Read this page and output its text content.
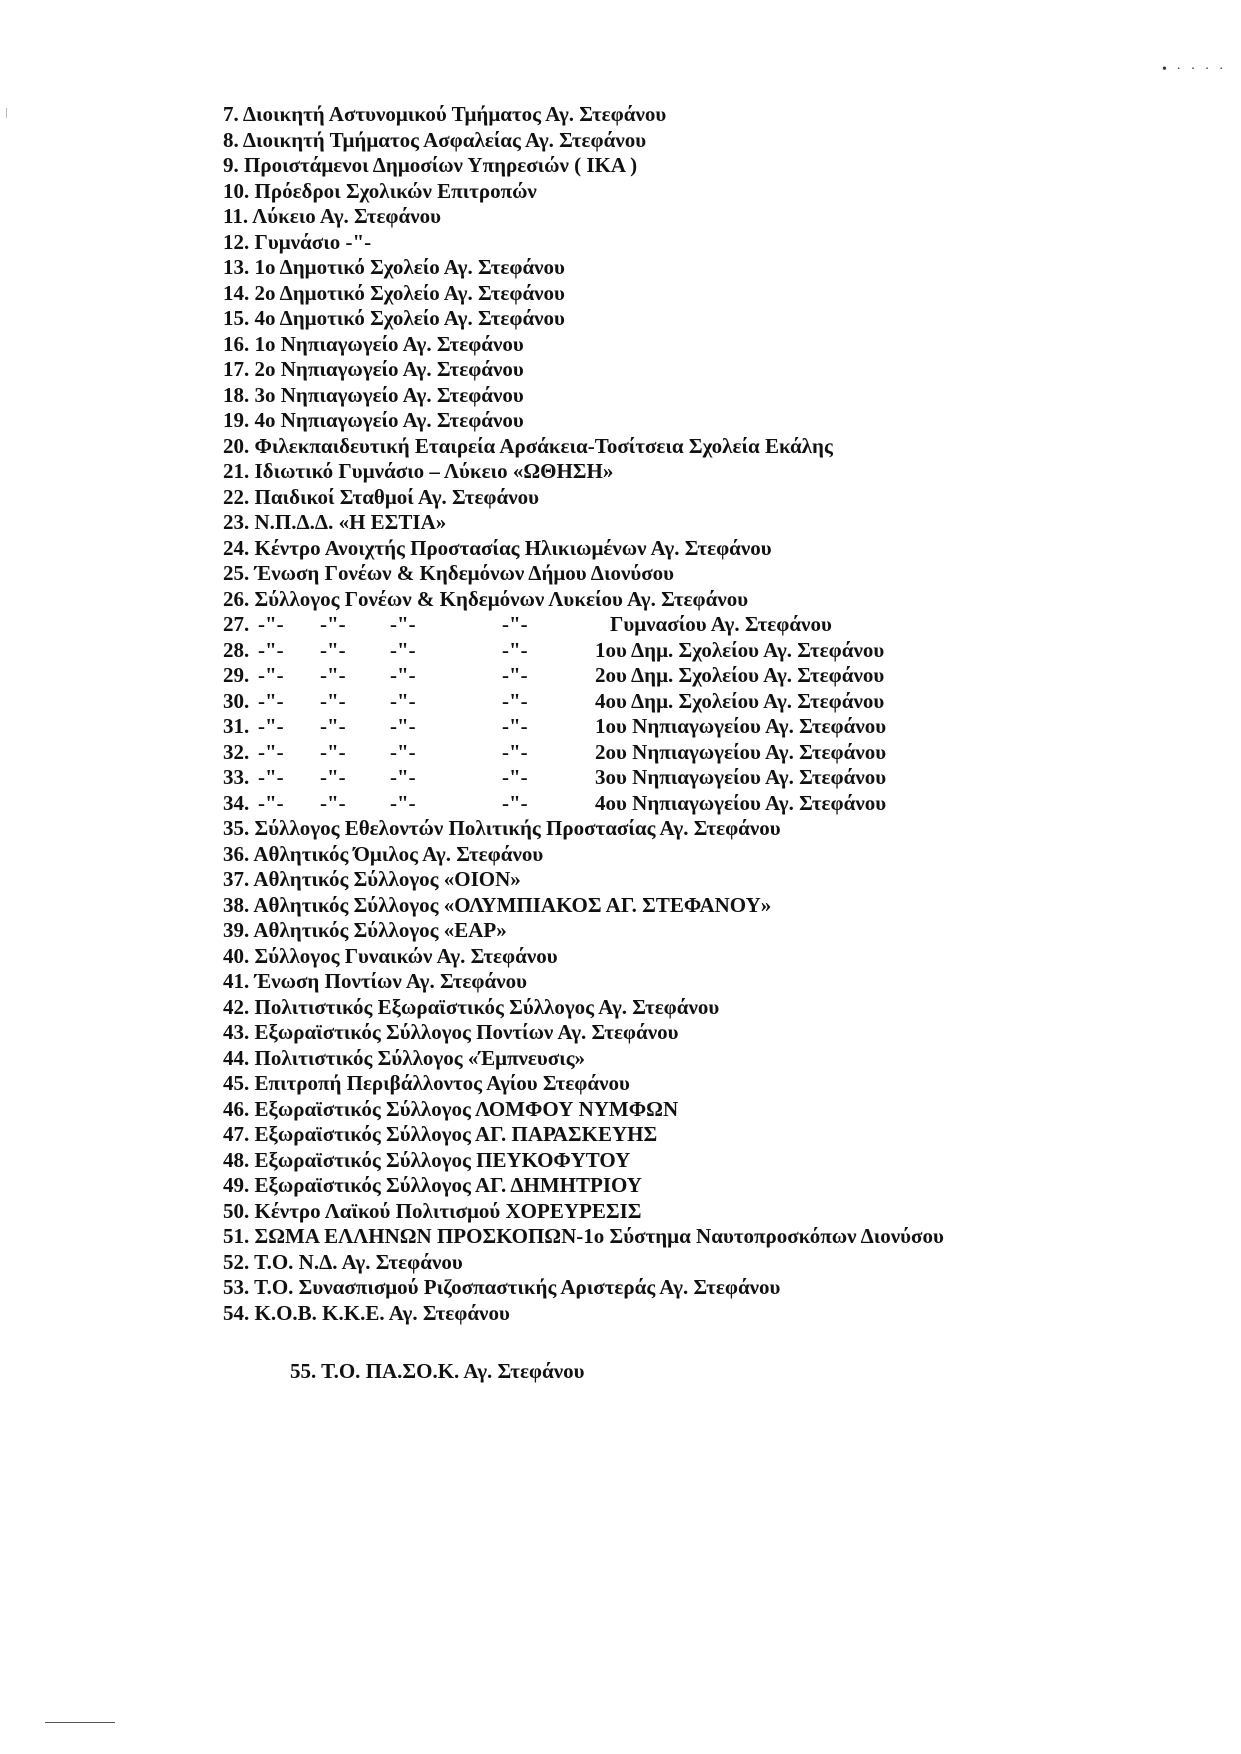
• · · · ·
7. Διοικητή Αστυνομικού Τμήματος Αγ. Στεφάνου
8. Διοικητή Τμήματος Ασφαλείας Αγ. Στεφάνου
9. Προιστάμενοι Δημοσίων Υπηρεσιών ( ΙΚΑ )
10. Πρόεδροι Σχολικών Επιτροπών
11. Λύκειο Αγ. Στεφάνου
12. Γυμνάσιο -"-
13. 1ο Δημοτικό Σχολείο Αγ. Στεφάνου
14. 2ο Δημοτικό Σχολείο Αγ. Στεφάνου
15. 4ο Δημοτικό Σχολείο Αγ. Στεφάνου
16. 1ο Νηπιαγωγείο Αγ. Στεφάνου
17. 2ο Νηπιαγωγείο Αγ. Στεφάνου
18. 3ο Νηπιαγωγείο Αγ. Στεφάνου
19. 4ο Νηπιαγωγείο Αγ. Στεφάνου
20. Φιλεκπαιδευτική Εταιρεία Αρσάκεια-Τοσίτσεια Σχολεία Εκάλης
21. Ιδιωτικό Γυμνάσιο – Λύκειο «ΩΘΗΣΗ»
22. Παιδικοί Σταθμοί Αγ. Στεφάνου
23. Ν.Π.Δ.Δ. «Η ΕΣΤΙΑ»
24. Κέντρο Ανοιχτής Προστασίας Ηλικιωμένων Αγ. Στεφάνου
25. Ένωση Γονέων & Κηδεμόνων Δήμου Διονύσου
26. Σύλλογος Γονέων & Κηδεμόνων Λυκείου Αγ. Στεφάνου
27. -"- -"- -"-	-"-	Γυμνασίου Αγ. Στεφάνου
28. -"- -"- -"-	-"-	1ου Δημ. Σχολείου Αγ. Στεφάνου
29. -"- -"- -"-	-"-	2ου Δημ. Σχολείου Αγ. Στεφάνου
30. -"- -"- -"-	-"-	4ου Δημ. Σχολείου Αγ. Στεφάνου
31. -"- -"- -"-	-"-	1ου Νηπιαγωγείου Αγ. Στεφάνου
32. -"- -"- -"-	-"-	2ου Νηπιαγωγείου Αγ. Στεφάνου
33. -"- -"- -"-	-"-	3ου Νηπιαγωγείου Αγ. Στεφάνου
34. -"- -"- -"-	-"-	4ου Νηπιαγωγείου Αγ. Στεφάνου
35. Σύλλογος Εθελοντών Πολιτικής Προστασίας Αγ. Στεφάνου
36. Αθλητικός Όμιλος Αγ. Στεφάνου
37. Αθλητικός Σύλλογος «ΟΙΟΝ»
38. Αθλητικός Σύλλογος «ΟΛΥΜΠΙΑΚΟΣ ΑΓ. ΣΤΕΦΑΝΟΥ»
39. Αθλητικός Σύλλογος «ΕΑΡ»
40. Σύλλογος Γυναικών Αγ. Στεφάνου
41. Ένωση Ποντίων Αγ. Στεφάνου
42. Πολιτιστικός Εξωραϊστικός Σύλλογος Αγ. Στεφάνου
43. Εξωραϊστικός Σύλλογος Ποντίων Αγ. Στεφάνου
44. Πολιτιστικός Σύλλογος «Έμπνευσις»
45. Επιτροπή Περιβάλλοντος Αγίου Στεφάνου
46. Εξωραϊστικός Σύλλογος ΛΟΜΦΟΥ ΝΥΜΦΩΝ
47. Εξωραϊστικός Σύλλογος ΑΓ. ΠΑΡΑΣΚΕΥΗΣ
48. Εξωραϊστικός Σύλλογος ΠΕΥΚΟΦΥΤΟΥ
49. Εξωραϊστικός Σύλλογος ΑΓ. ΔΗΜΗΤΡΙΟΥ
50. Κέντρο Λαϊκού Πολιτισμού ΧΟΡΕΥΡΕΣΙΣ
51. ΣΩΜΑ ΕΛΛΗΝΩΝ ΠΡΟΣΚΟΠΩΝ-1ο Σύστημα Ναυτοπροσκόπων Διονύσου
52. Τ.Ο. Ν.Δ. Αγ. Στεφάνου
53. Τ.Ο. Συνασπισμού Ριζοσπαστικής Αριστεράς Αγ. Στεφάνου
54. Κ.Ο.Β. Κ.Κ.Ε. Αγ. Στεφάνου
55. Τ.Ο. ΠΑ.ΣΟ.Κ. Αγ. Στεφάνου
